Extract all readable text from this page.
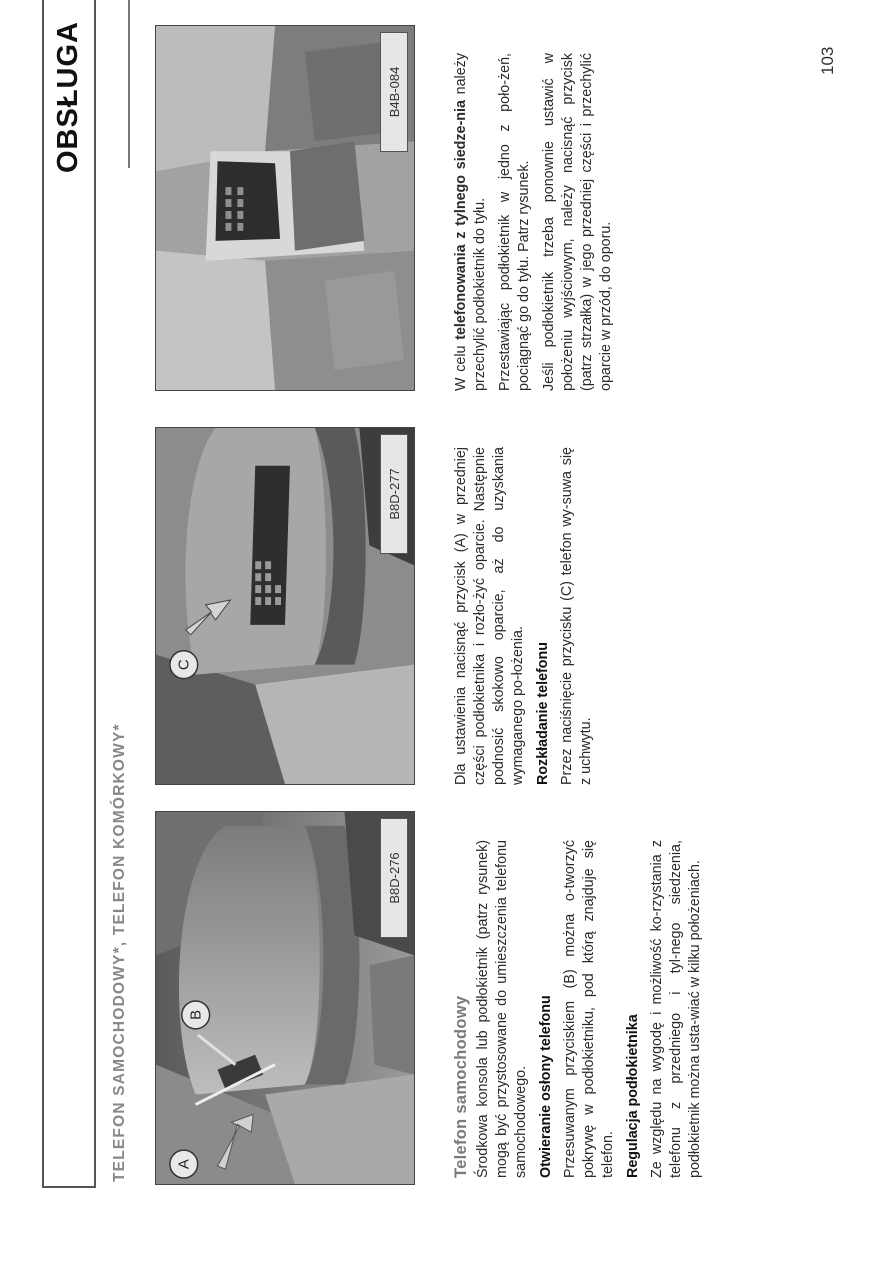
OBSŁUGA
TELEFON SAMOCHODOWY*, TELEFON KOMÓRKOWY*	A
B
B8D-276
C
B8D-277
B4B-084
Telefon samochodowy Środkowa konsola lub podłokietnik (patrz rysunek) mogą być przystosowane do umieszczenia telefonu samochodowego. Otwieranie osłony telefonu Przesuwanym przyciskiem (B) można o-tworzyć pokrywę w podłokietniku, pod którą znajduje się telefon. Regulacja podłokietnika Ze względu na wygodę i możliwość ko-rzystania z telefonu z przedniego i tyl-nego siedzenia, podłokietnik można usta-wiać w kilku położeniach.

Dla ustawienia nacisnąć przycisk (A) w przedniej części podłokietnika i rozło-żyć oparcie. Następnie podnosić skokowo oparcie, aż do uzyskania wymaganego po-łożenia. Rozkładanie telefonu Przez naciśnięcie przycisku (C) telefon wy-suwa się z uchwytu.

W celu telefonowania z tylnego siedze-nia należy przechylić podłokietnik do tyłu. Przestawiając podłokietnik w jedno z poło-żeń, pociągnąć go do tyłu. Patrz rysunek. Jeśli podłokietnik trzeba ponownie ustawić w położeniu wyjściowym, należy nacisnąć przycisk (patrz strzałka) w jego przedniej części i przechylić oparcie w przód, do oporu.

103
